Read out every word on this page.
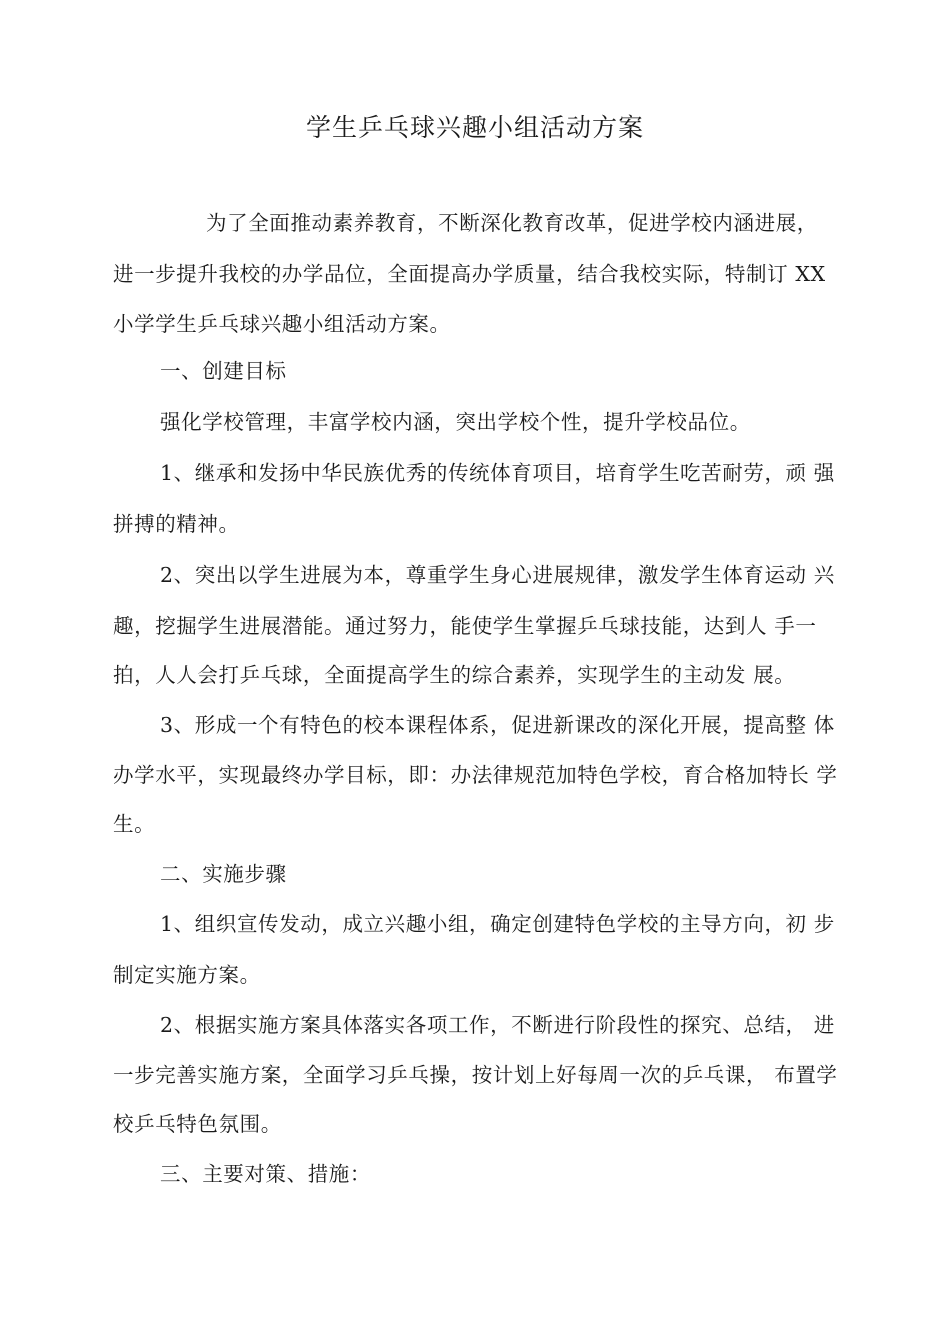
学生乒乓球兴趣小组活动方案
为了全面推动素养教育，不断深化教育改革，促进学校内涵进展，
进一步提升我校的办学品位，全面提高办学质量，结合我校实际，特制订 XX
小学学生乒乓球兴趣小组活动方案。
一、创建目标
强化学校管理，丰富学校内涵，突出学校个性，提升学校品位。
1、继承和发扬中华民族优秀的传统体育项目，培育学生吃苦耐劳，顽 强
拼搏的精神。
2、突出以学生进展为本，尊重学生身心进展规律，激发学生体育运动 兴
趣，挖掘学生进展潜能。通过努力，能使学生掌握乒乓球技能，达到人 手一
拍，人人会打乒乓球，全面提高学生的综合素养，实现学生的主动发 展。
3、形成一个有特色的校本课程体系，促进新课改的深化开展，提高整 体
办学水平，实现最终办学目标，即：办法律规范加特色学校，育合格加特长 学
生。
二、实施步骤
1、组织宣传发动，成立兴趣小组，确定创建特色学校的主导方向，初 步
制定实施方案。
2、根据实施方案具体落实各项工作，不断进行阶段性的探究、总结， 进
一步完善实施方案，全面学习乒乓操，按计划上好每周一次的乒乓课， 布置学
校乒乓特色氛围。
三、主要对策、措施：
